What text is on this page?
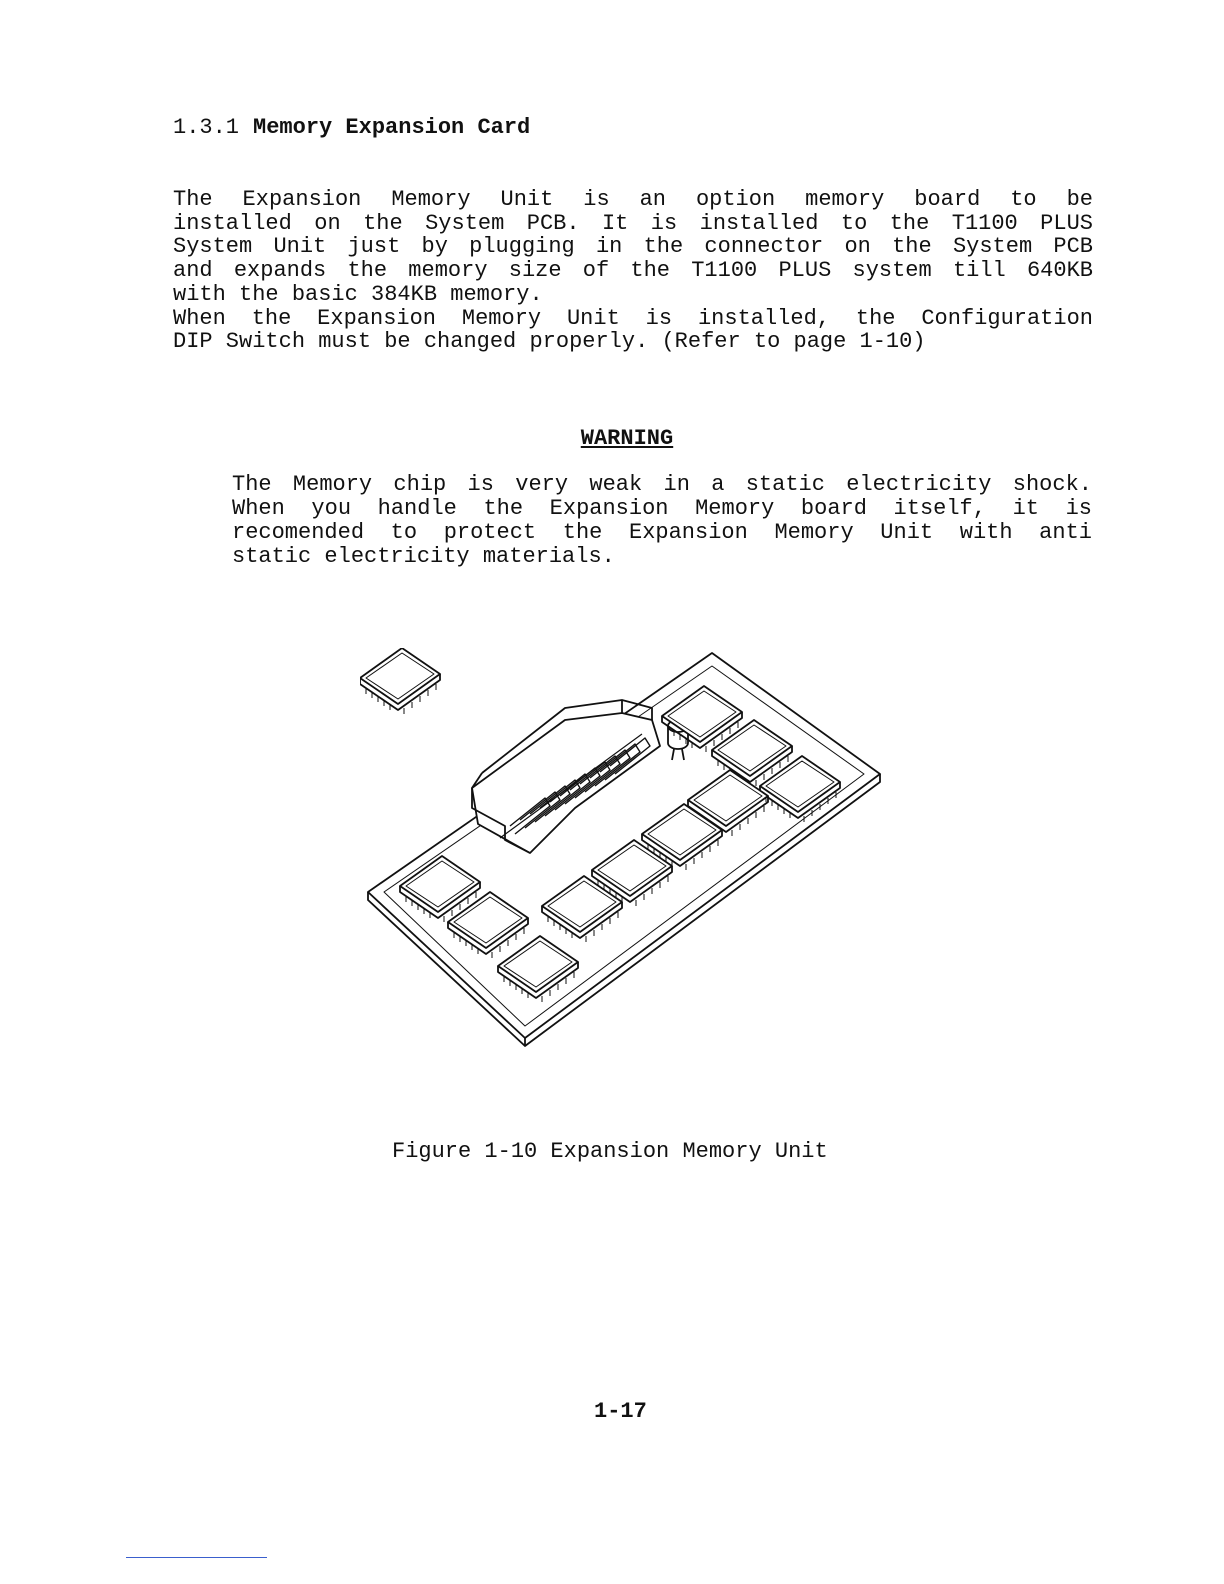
1.3.1 Memory Expansion Card
The Expansion Memory Unit is an option memory board to be
installed on the System PCB. It is installed to the T1100 PLUS
System Unit just by plugging in the connector on the System PCB
and expands the memory size of the T1100 PLUS system till 640KB
with the basic 384KB memory.
When the Expansion Memory Unit is installed, the Configuration
DIP Switch must be changed properly. (Refer to page 1-10)
WARNING
The Memory chip is very weak in a static electricity shock.
When you handle the Expansion Memory board itself, it is
recomended to protect the Expansion Memory Unit with anti
static electricity materials.
Figure 1-10 Expansion Memory Unit
1-17
